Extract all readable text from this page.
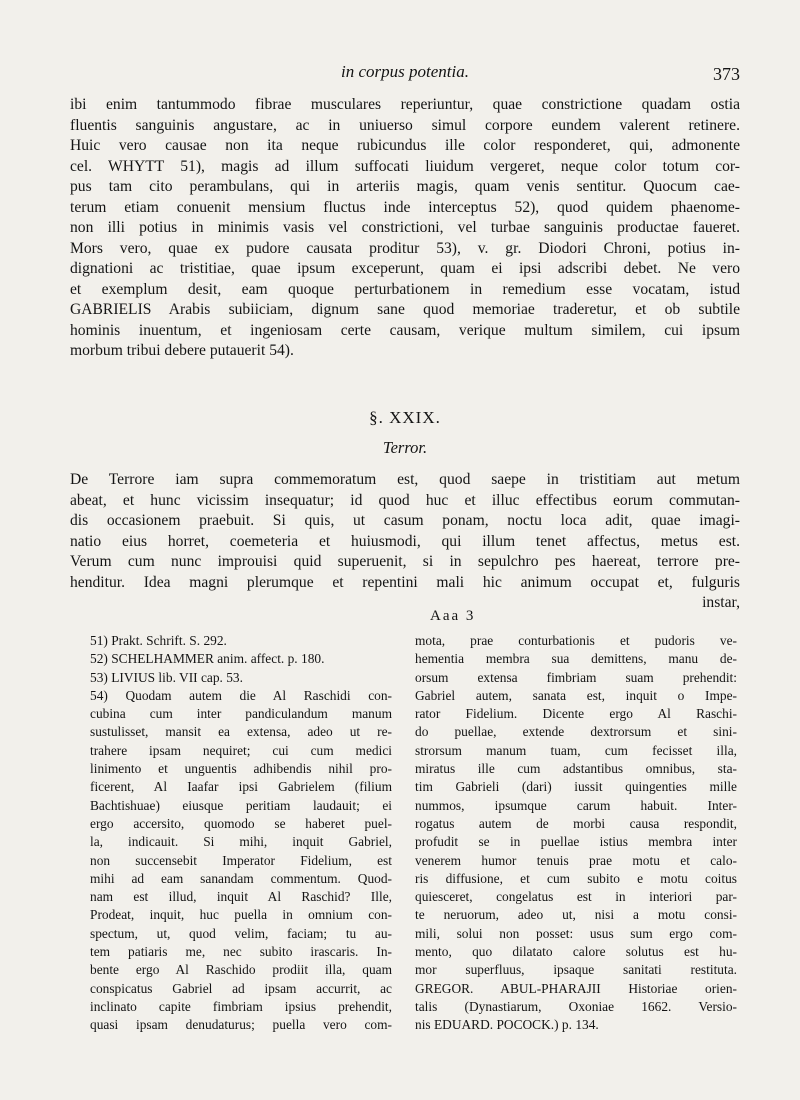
in corpus potentia.	373
ibi enim tantummodo fibrae musculares reperiuntur, quae constrictione quadam ostia
fluentis sanguinis angustare, ac in uniuerso simul corpore eundem valerent retinere.
Huic vero causae non ita neque rubicundus ille color responderet, qui, admonente
cel. WHYTT 51), magis ad illum suffocati liuidum vergeret, neque color totum cor-
pus tam cito perambulans, qui in arteriis magis, quam venis sentitur. Quocum cae-
terum etiam conuenit mensium fluctus inde interceptus 52), quod quidem phaenome-
non illi potius in minimis vasis vel constrictioni, vel turbae sanguinis productae faueret.
Mors vero, quae ex pudore causata proditur 53), v. gr. Diodori Chroni, potius in-
dignationi ac tristitiae, quae ipsum exceperunt, quam ei ipsi adscribi debet. Ne vero
et exemplum desit, eam quoque perturbationem in remedium esse vocatam, istud
GABRIELIS Arabis subiiciam, dignum sane quod memoriae traderetur, et ob subtile
hominis inuentum, et ingeniosam certe causam, verique multum similem, cui ipsum
morbum tribui debere putauerit 54).
§. XXIX.
Terror.
De Terrore iam supra commemoratum est, quod saepe in tristitiam aut metum
abeat, et hunc vicissim insequatur; id quod huc et illuc effectibus eorum commutan-
dis occasionem praebuit. Si quis, ut casum ponam, noctu loca adit, quae imagi-
natio eius horret, coemeteria et huiusmodi, qui illum tenet affectus, metus est.
Verum cum nunc improuisi quid superuenit, si in sepulchro pes haereat, terrore pre-
henditur. Idea magni plerumque et repentini mali hic animum occupat et, fulguris
instar,
Aaa 3
51) Prakt. Schrift. S. 292.
52) SCHELHAMMER anim. affect. p. 180.
53) LIVIUS lib. VII cap. 53.
54) Quodam autem die Al Raschidi con-
cubina cum inter pandiculandum manum
sustulisset, mansit ea extensa, adeo ut re-
trahere ipsam nequiret; cui cum medici
linimento et unguentis adhibendis nihil pro-
ficerent, Al Iaafar ipsi Gabrielem (filium
Bachtishuae) eiusque peritiam laudauit; ei
ergo accersito, quomodo se haberet puel-
la, indicauit. Si mihi, inquit Gabriel,
non succensebit Imperator Fidelium, est
mihi ad eam sanandam commentum. Quod-
nam est illud, inquit Al Raschid? Ille,
Prodeat, inquit, huc puella in omnium con-
spectum, ut, quod velim, faciam; tu au-
tem patiaris me, nec subito irascaris. In-
bente ergo Al Raschido prodiit illa, quam
conspicatus Gabriel ad ipsam accurrit, ac
inclinato capite fimbriam ipsius prehendit,
quasi ipsam denudaturus; puella vero com-
mota, prae conturbationis et pudoris ve-
hementia membra sua demittens, manu de-
orsum extensa fimbriam suam prehendit:
Gabriel autem, sanata est, inquit o Impe-
rator Fidelium. Dicente ergo Al Raschi-
do puellae, extende dextrorsum et sini-
strorsum manum tuam, cum fecisset illa,
miratus ille cum adstantibus omnibus, sta-
tim Gabrieli (dari) iussit quingenties mille
nummos, ipsumque carum habuit. Inter-
rogatus autem de morbi causa respondit,
profudit se in puellae istius membra inter
venerem humor tenuis prae motu et calo-
ris diffusione, et cum subito e motu coitus
quiesceret, congelatus est in interiori par-
te neruorum, adeo ut, nisi a motu consi-
mili, solui non posset: usus sum ergo com-
mento, quo dilatato calore solutus est hu-
mor superfluus, ipsaque sanitati restituta.
GREGOR. ABUL-PHARAJII Historiae orien-
talis (Dynastiarum, Oxoniae 1662. Versio-
nis EDUARD. POCOCK.) p. 134.
